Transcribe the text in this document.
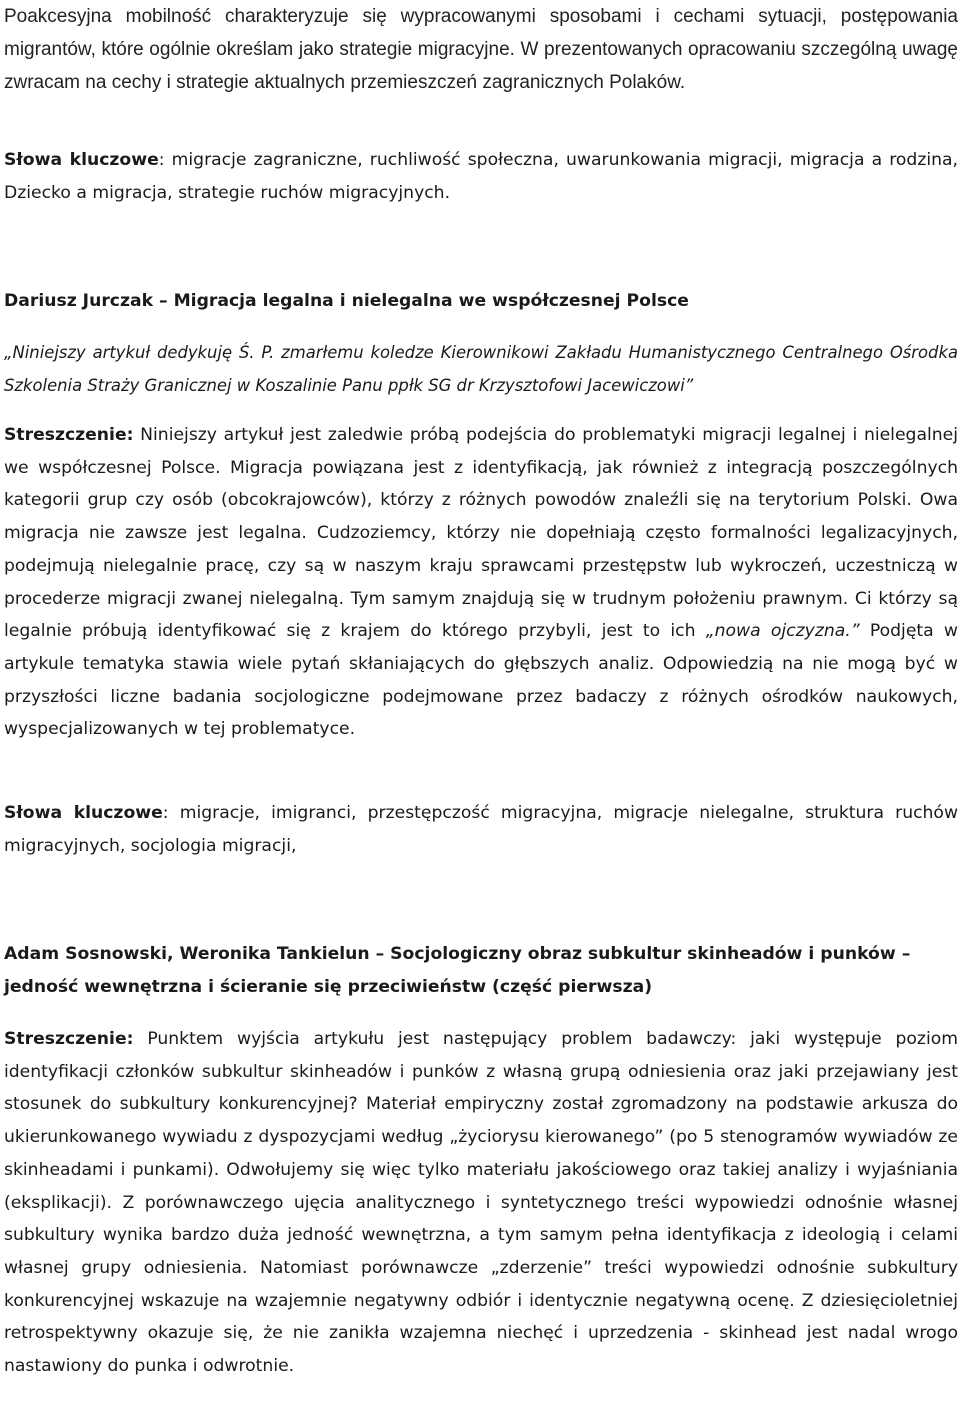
Poakcesyjna mobilność charakteryzuje się wypracowanymi sposobami i cechami sytuacji, postępowania migrantów, które ogólnie określam jako strategie migracyjne. W prezentowanych opracowaniu szczególną uwagę zwracam na cechy i strategie aktualnych przemieszczeń zagranicznych Polaków.
Słowa kluczowe: migracje zagraniczne, ruchliwość społeczna, uwarunkowania migracji, migracja a rodzina, Dziecko a migracja, strategie ruchów migracyjnych.
Dariusz Jurczak – Migracja legalna i nielegalna we współczesnej Polsce
„Niniejszy artykuł dedykuję Ś. P. zmarłemu koledze Kierownikowi Zakładu Humanistycznego Centralnego Ośrodka Szkolenia Straży Granicznej w Koszalinie Panu ppłk SG dr Krzysztofowi Jacewiczowi”
Streszczenie: Niniejszy artykuł jest zaledwie próbą podejścia do problematyki migracji legalnej i nielegalnej we współczesnej Polsce. Migracja powiązana jest z identyfikacją, jak również z integracją poszczególnych kategorii grup czy osób (obcokrajowców), którzy z różnych powodów znaleźli się na terytorium Polski. Owa migracja nie zawsze jest legalna. Cudzoziemcy, którzy nie dopełniają często formalności legalizacyjnych, podejmują nielegalnie pracę, czy są w naszym kraju sprawcami przestępstw lub wykroczeń, uczestniczą w procederze migracji zwanej nielegalną. Tym samym znajdują się w trudnym położeniu prawnym. Ci którzy są legalnie próbują identyfikować się z krajem do którego przybyli, jest to ich „nowa ojczyzna.” Podjęta w artykule tematyka stawia wiele pytań skłaniających do głębszych analiz. Odpowiedzią na nie mogą być w przyszłości liczne badania socjologiczne podejmowane przez badaczy z różnych ośrodków naukowych, wyspecjalizowanych w tej problematyce.
Słowa kluczowe: migracje, imigranci, przestępczość migracyjna, migracje nielegalne, struktura ruchów migracyjnych, socjologia migracji,
Adam Sosnowski, Weronika Tankielun – Socjologiczny obraz subkultur skinheadów i punków – jedność wewnętrzna i ścieranie się przeciwieństw (część pierwsza)
Streszczenie: Punktem wyjścia artykułu jest następujący problem badawczy: jaki występuje poziom identyfikacji członków subkultur skinheadów i punków z własną grupą odniesienia oraz jaki przejawiany jest stosunek do subkultury konkurencyjnej? Materiał empiryczny został zgromadzony na podstawie arkusza do ukierunkowanego wywiadu z dyspozycjami według „życiorysu kierowanego” (po 5 stenogramów wywiadów ze skinheadami i punkami). Odwołujemy się więc tylko materiału jakościowego oraz takiej analizy i wyjaśniania (eksplikacji). Z porównawczego ujęcia analitycznego i syntetycznego treści wypowiedzi odnośnie własnej subkultury wynika bardzo duża jedność wewnętrzna, a tym samym pełna identyfikacja z ideologią i celami własnej grupy odniesienia. Natomiast porównawcze „zderzenie” treści wypowiedzi odnośnie subkultury konkurencyjnej wskazuje na wzajemnie negatywny odbiór i identycznie negatywną ocenę. Z dziesięcioletniej retrospektywny okazuje się, że nie zanikła wzajemna niechęć i uprzedzenia - skinhead jest nadal wrogo nastawiony do punka i odwrotnie.
